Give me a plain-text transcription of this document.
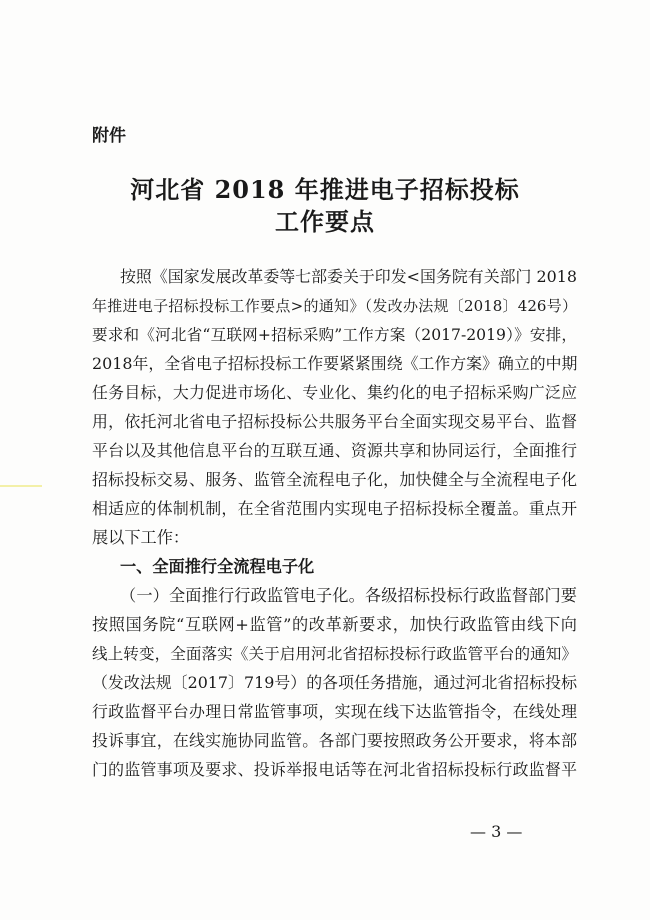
附件
河北省 2018 年推进电子招标投标
工作要点
按照《国家发展改革委等七部委关于印发<国务院有关部门 2018
年推进电子招标投标工作要点>的通知》（发改办法规〔2018〕426号）
要求和《河北省“互联网+招标采购”工作方案（2017-2019）》安排，
2018年，全省电子招标投标工作要紧紧围绕《工作方案》确立的中期
任务目标，大力促进市场化、专业化、集约化的电子招标采购广泛应
用，依托河北省电子招标投标公共服务平台全面实现交易平台、监督
平台以及其他信息平台的互联互通、资源共享和协同运行，全面推行
招标投标交易、服务、监管全流程电子化，加快健全与全流程电子化
相适应的体制机制，在全省范围内实现电子招标投标全覆盖。重点开
展以下工作：
一、全面推行全流程电子化
（一）全面推行行政监管电子化。各级招标投标行政监督部门要
按照国务院“互联网+监管”的改革新要求，加快行政监管由线下向
线上转变，全面落实《关于启用河北省招标投标行政监管平台的通知》
（发改法规〔2017〕719号）的各项任务措施，通过河北省招标投标
行政监督平台办理日常监管事项，实现在线下达监管指令，在线处理
投诉事宜，在线实施协同监管。各部门要按照政务公开要求，将本部
门的监管事项及要求、投诉举报电话等在河北省招标投标行政监督平
— 3 —
